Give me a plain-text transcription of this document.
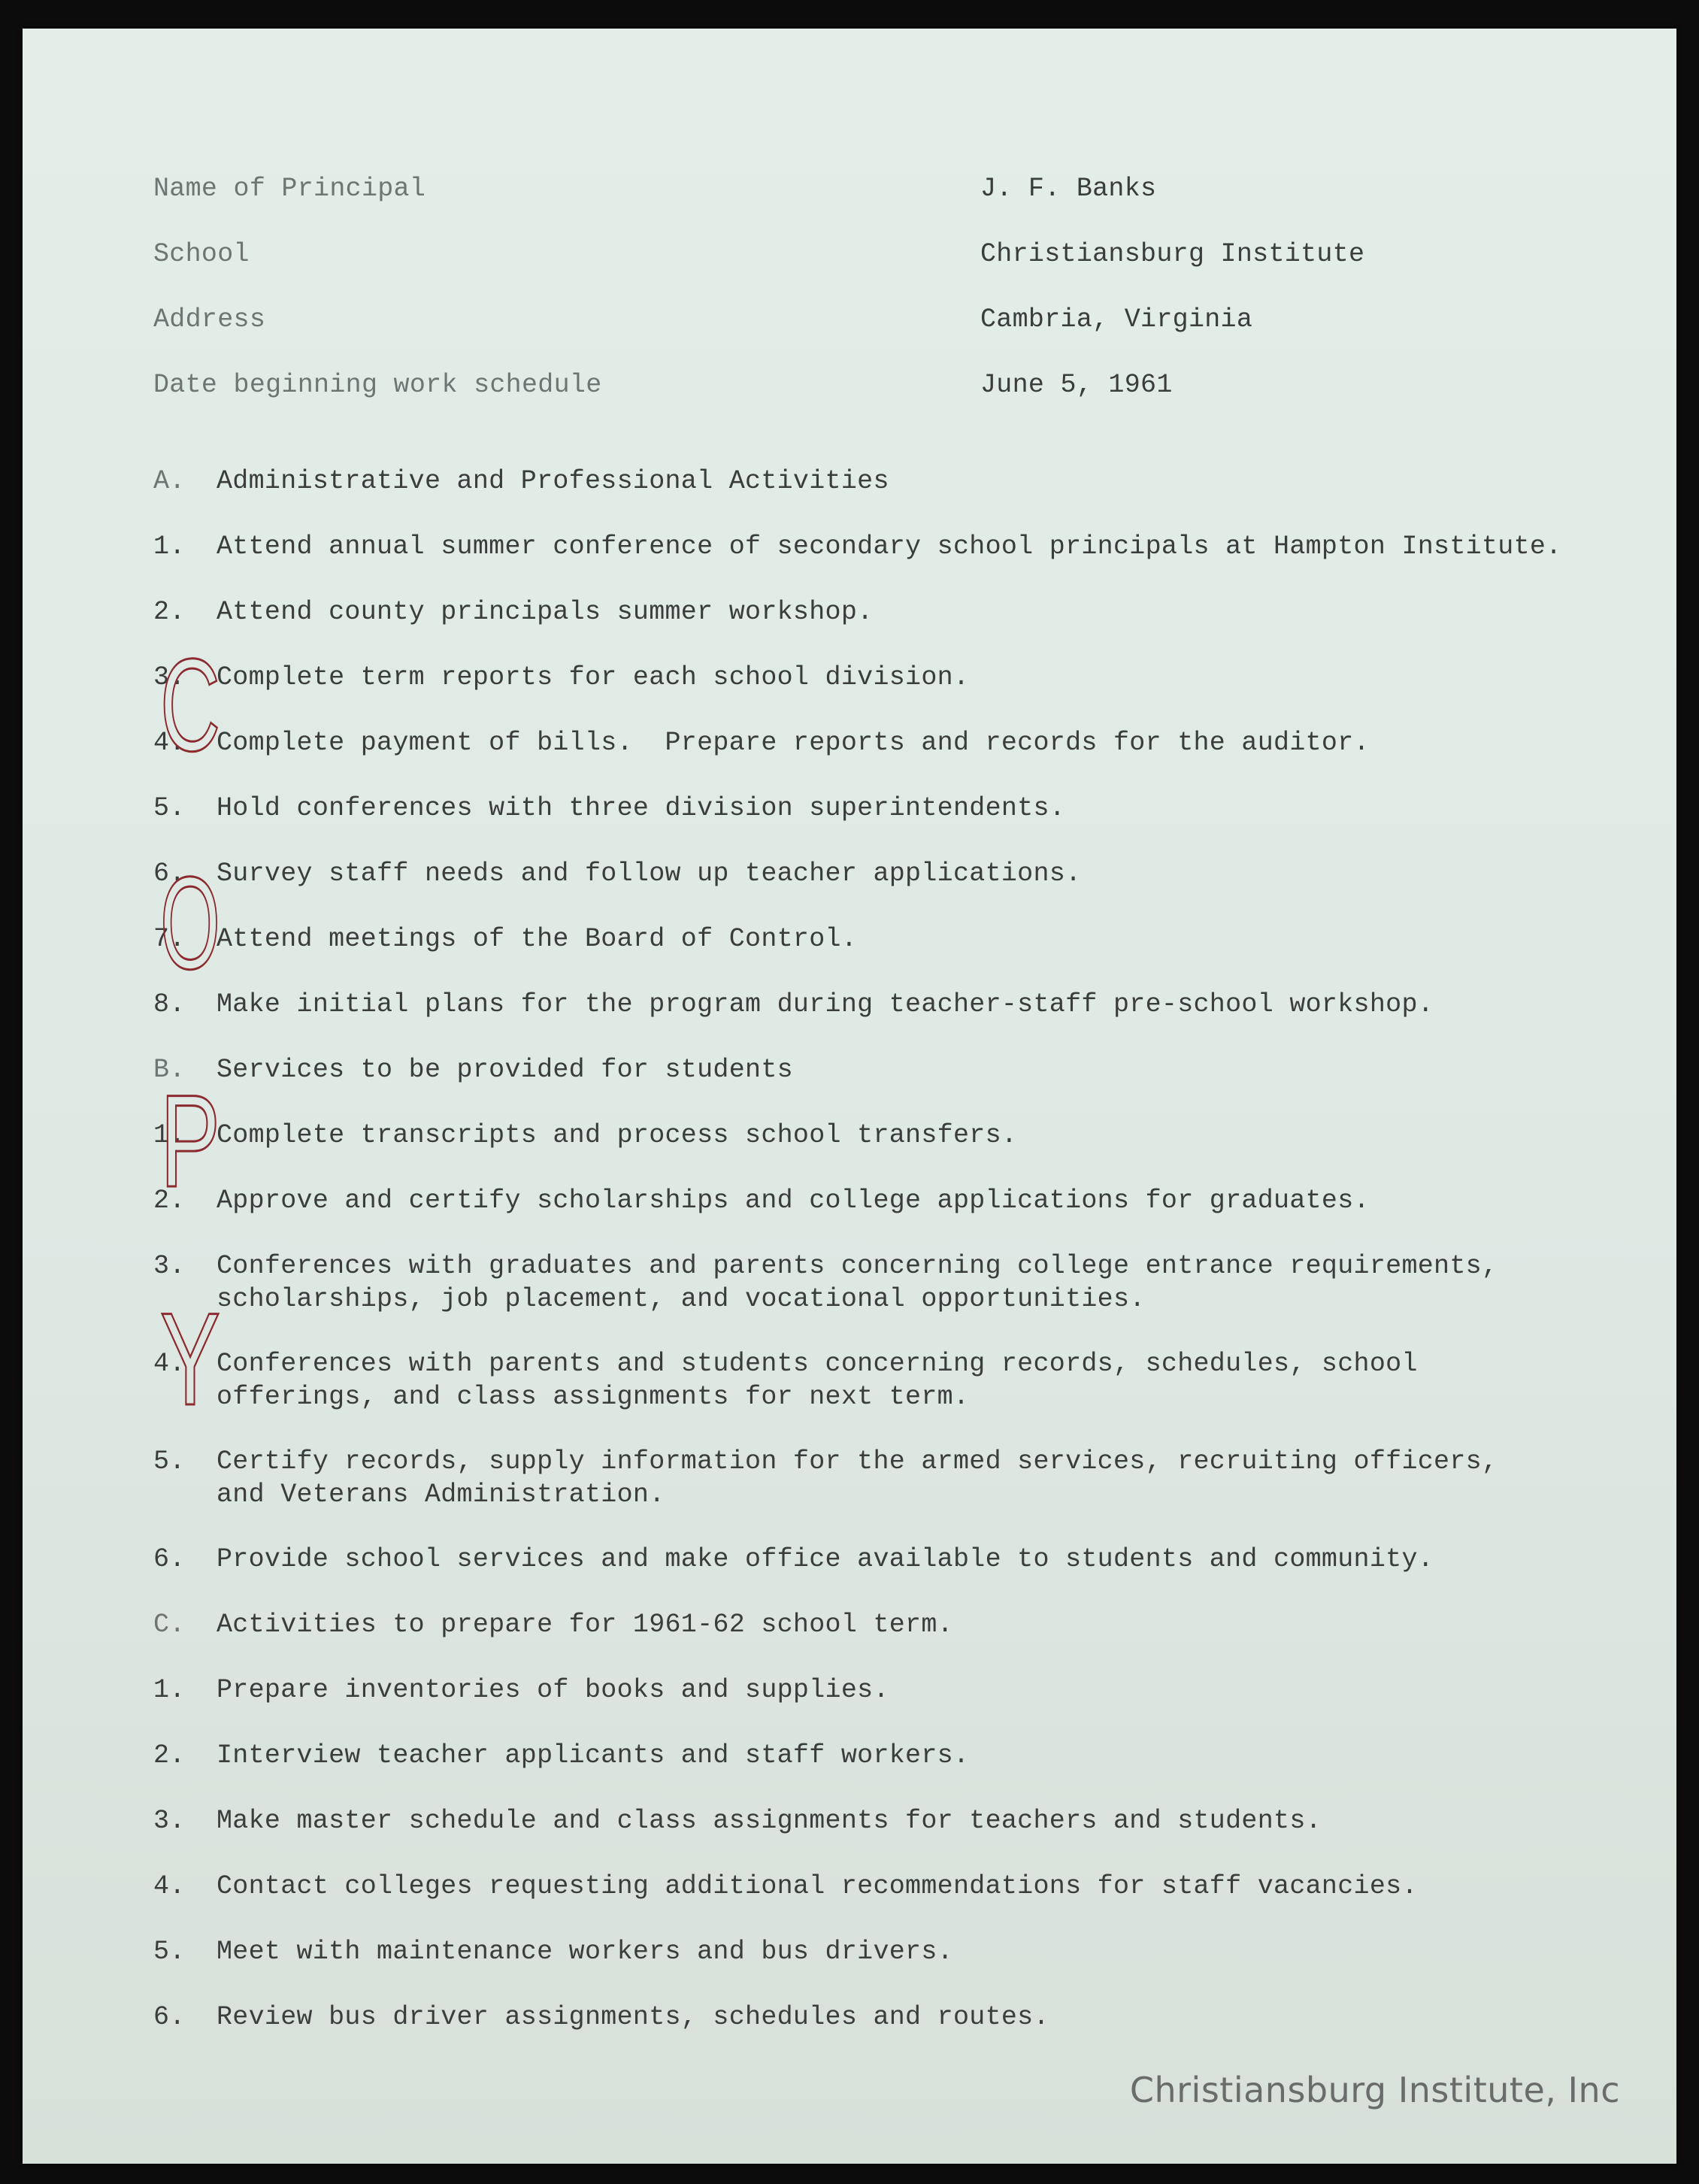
Name of Principal	J. F. Banks
School	Christiansburg Institute
Address	Cambria, Virginia
Date beginning work schedule	June 5, 1961
A. Administrative and Professional Activities
1. Attend annual summer conference of secondary school principals at Hampton Institute.
2. Attend county principals summer workshop.
3. Complete term reports for each school division.
4. Complete payment of bills.  Prepare reports and records for the auditor.
5. Hold conferences with three division superintendents.
6. Survey staff needs and follow up teacher applications.
7. Attend meetings of the Board of Control.
8. Make initial plans for the program during teacher-staff pre-school workshop.
B. Services to be provided for students
1. Complete transcripts and process school transfers.
2. Approve and certify scholarships and college applications for graduates.
3. Conferences with graduates and parents concerning college entrance requirements,
scholarships, job placement, and vocational opportunities.
4. Conferences with parents and students concerning records, schedules, school
offerings, and class assignments for next term.
5. Certify records, supply information for the armed services, recruiting officers,
and Veterans Administration.
6. Provide school services and make office available to students and community.
C. Activities to prepare for 1961-62 school term.
1. Prepare inventories of books and supplies.
2. Interview teacher applicants and staff workers.
3. Make master schedule and class assignments for teachers and students.
4. Contact colleges requesting additional recommendations for staff vacancies.
5. Meet with maintenance workers and bus drivers.
6. Review bus driver assignments, schedules and routes.
C
O
P
Y
Christiansburg Institute, Inc
